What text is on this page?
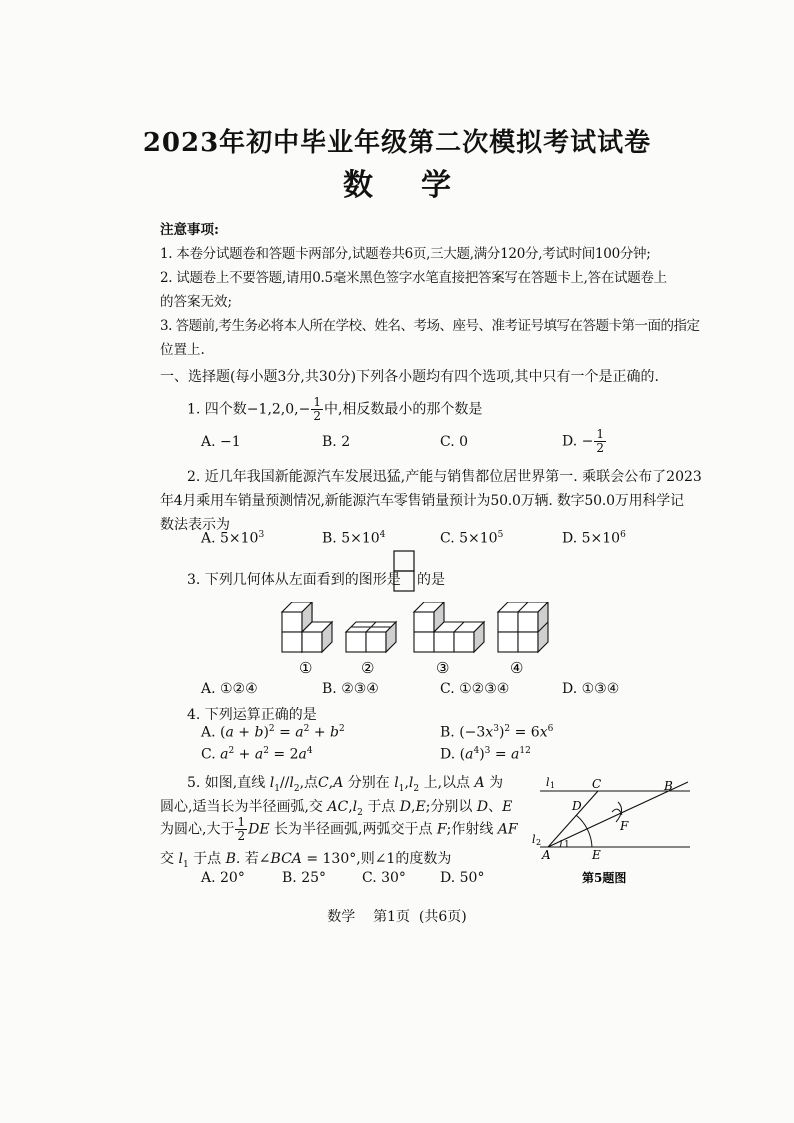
2023年初中毕业年级第二次模拟考试试卷
数 学
注意事项:
1. 本卷分试题卷和答题卡两部分,试题卷共6页,三大题,满分120分,考试时间100分钟;
2. 试题卷上不要答题,请用0.5毫米黑色签字水笔直接把答案写在答题卡上,答在试题卷上
的答案无效;
3. 答题前,考生务必将本人所在学校、姓名、考场、座号、准考证号填写在答题卡第一面的指定
位置上.
一、选择题(每小题3分,共30分)下列各小题均有四个选项,其中只有一个是正确的.
1. 四个数$-1,2,0,- \frac{1}{2}$ 中,相反数最小的那个数是
A. −1	B. 2	C. 0	D. − $\frac{1}{2}$
2. 近几年我国新能源汽车发展迅猛,产能与销售都位居世界第一. 乘联会公布了2023
年4月乘用车销量预测情况,新能源汽车零售销量预计为50.0万辆. 数字50.0万用科学记
数法表示为
A. $5\times 10^3$	B. $5\times 10^4$	C. $5\times 10^5$	D. $5\times 10^6$
3. 下列几何体从左面看到的图形是 的是
①	②	③	④
A. ①②④	B. ②③④	C. ①②③④	D. ①③④
4. 下列运算正确的是
A. $(a + b)^2 = a^2 + b^2$	B. $(-3x^3)^2 = 6x^6$
C. $a^2 + a^2 = 2a^4$	D. $(a^4)^3 = a^{12}$
5. 如图,直线 $l_1//l_2$,点C,A 分别在 $l_1,l_2$ 上,以点 A 为
圆心,适当长为半径画弧,交 $AC,l_2$ 于点 D,E;分别以 D、E
为圆心,大于 $\frac{1}{2}$ DE 长为半径画弧,两弧交于点 F;作射线 AF
交 $l_1$ 于点 B. 若∠BCA = 130°,则∠1的度数为
A. 20°	B. 25°	C. 30° D. 50°
l 1
l 2
C	B
D
F
A	E
1
第5题图
数学 第1页 (共6页)
